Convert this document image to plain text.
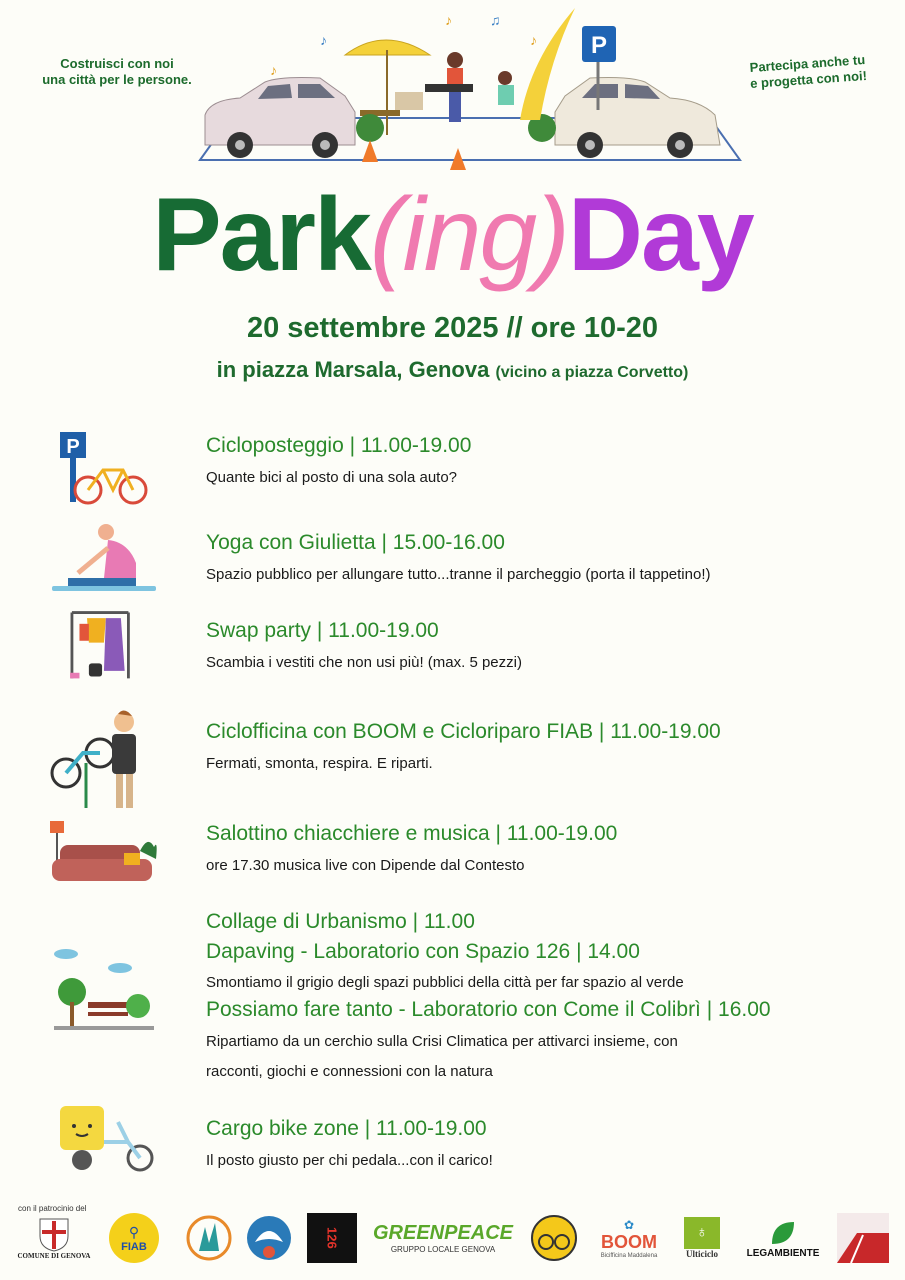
Costruisci con noi
una città per le persone.
Partecipa anche tu
e progetta con noi!
P
♪
♪	♫
♪
♪
Park(ing)Day
20 settembre 2025 // ore 10-20
in piazza Marsala, Genova (vicino a piazza Corvetto)
P	Cicloposteggio | 11.00-19.00
Quante bici al posto di una sola auto?
Yoga con Giulietta | 15.00-16.00
Spazio pubblico per allungare tutto...tranne il parcheggio (porta il tappetino!)
Swap party | 11.00-19.00
Scambia i vestiti che non usi più! (max. 5 pezzi)
Ciclofficina con BOOM e Cicloriparo FIAB | 11.00-19.00
Fermati, smonta, respira. E riparti.
Salottino chiacchiere e musica | 11.00-19.00
ore 17.30 musica live con Dipende dal Contesto
Collage di Urbanismo | 11.00
Dapaving - Laboratorio con Spazio 126 | 14.00
Smontiamo il grigio degli spazi pubblici della città per far spazio al verde
Possiamo fare tanto - Laboratorio con Come il Colibrì | 16.00
Ripartiamo da un cerchio sulla Crisi Climatica per attivarci insieme, con
racconti, giochi e connessioni con la natura
Cargo bike zone | 11.00-19.00
Il posto giusto per chi pedala...con il carico!
con il patrocinio del
COMUNE DI GENOVA
⚲
FIAB	126 GREENPEACE
GRUPPO LOCALE GENOVA
✿
BOOM
Bicifficina Maddalena
♁
Ulticiclo	LEGAMBIENTE
